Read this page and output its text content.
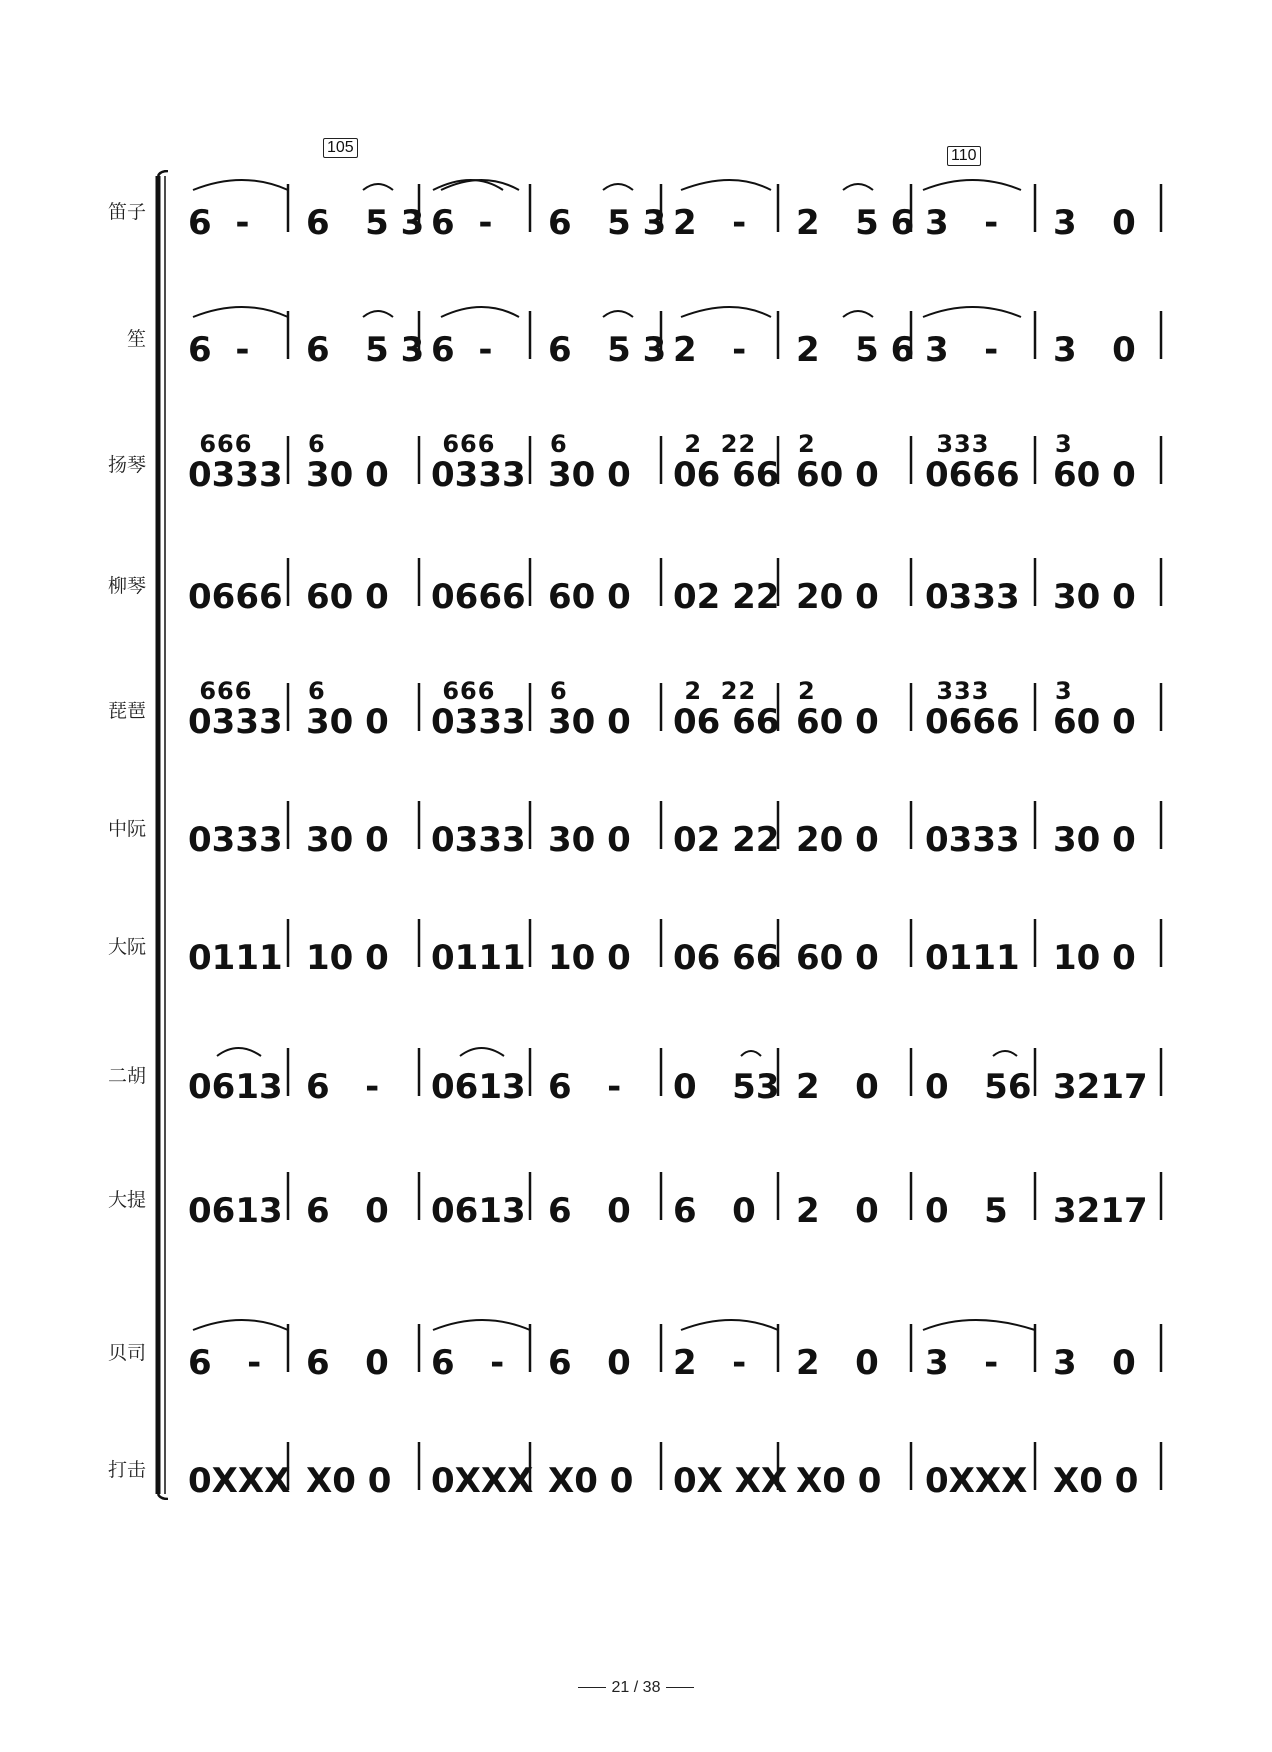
105	110
笛子 6  - 6   5 3 6  - 6   5 3 2   - 2   5 6 3   - 3   0
笙 6  - 6   5 3 6  - 6   5 3 2   - 2   5 6 3   - 3   0
扬琴
666
0333
6
30 0
666
0333
6
30 0
2  22
06 66
2
60 0
333
0666
3
60 0
柳琴 0666 60 0 0666 60 0 02 22 20 0 0333 30 0
琵琶
666
0333
6
30 0
666
0333
6
30 0
2  22
06 66
2
60 0
333
0666
3
60 0
中阮 0333 30 0 0333 30 0 02 22 20 0 0333 30 0
大阮 0111 10 0 0111 10 0 06 66 60 0 0111 10 0
二胡 0613 6   - 0613 6   - 0   53 2   0 0   56 3217
大提 0613 6   0 0613 6   0 6   0 2   0 0   5 3217
贝司 6   - 6   0 6   - 6   0 2   - 2   0 3   - 3   0
打击 0XXX X0 0 0XXX X0 0 0X XX X0 0 0XXX X0 0
21 / 38
